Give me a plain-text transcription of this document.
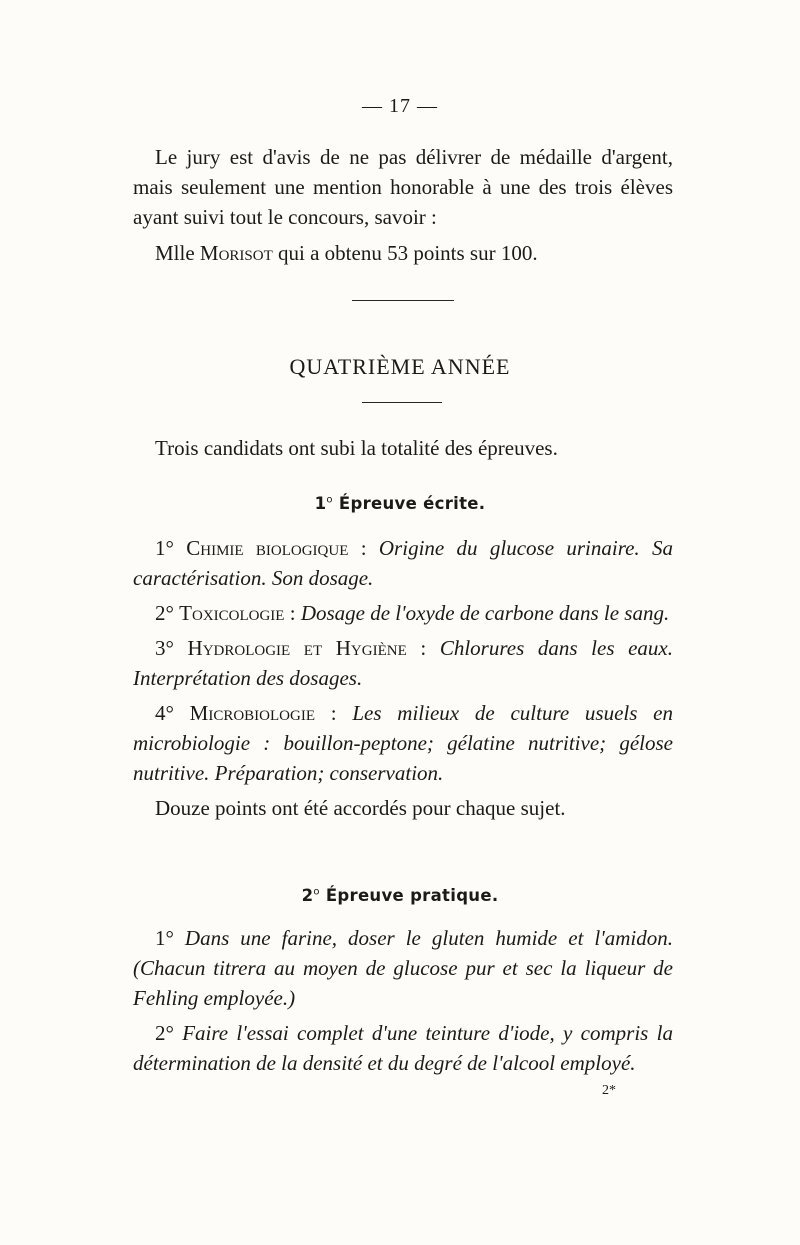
— 17 —

Le jury est d'avis de ne pas délivrer de médaille d'argent, mais seulement une mention honorable à une des trois élèves ayant suivi tout le concours, savoir :

Mlle Morisot qui a obtenu 53 points sur 100.

QUATRIÈME ANNÉE

Trois candidats ont subi la totalité des épreuves.

1$^o$ Épreuve écrite.

1° Chimie biologique : Origine du glucose urinaire. Sa caractérisation. Son dosage.

2° Toxicologie : Dosage de l'oxyde de carbone dans le sang.

3° Hydrologie et Hygiène : Chlorures dans les eaux. Interprétation des dosages.

4° Microbiologie : Les milieux de culture usuels en microbiologie : bouillon-peptone; gélatine nutritive; gélose nutritive. Préparation; conservation.

Douze points ont été accordés pour chaque sujet.

2$^o$ Épreuve pratique.

1° Dans une farine, doser le gluten humide et l'amidon. (Chacun titrera au moyen de glucose pur et sec la liqueur de Fehling employée.)

2° Faire l'essai complet d'une teinture d'iode, y compris la détermination de la densité et du degré de l'alcool employé.

2*
